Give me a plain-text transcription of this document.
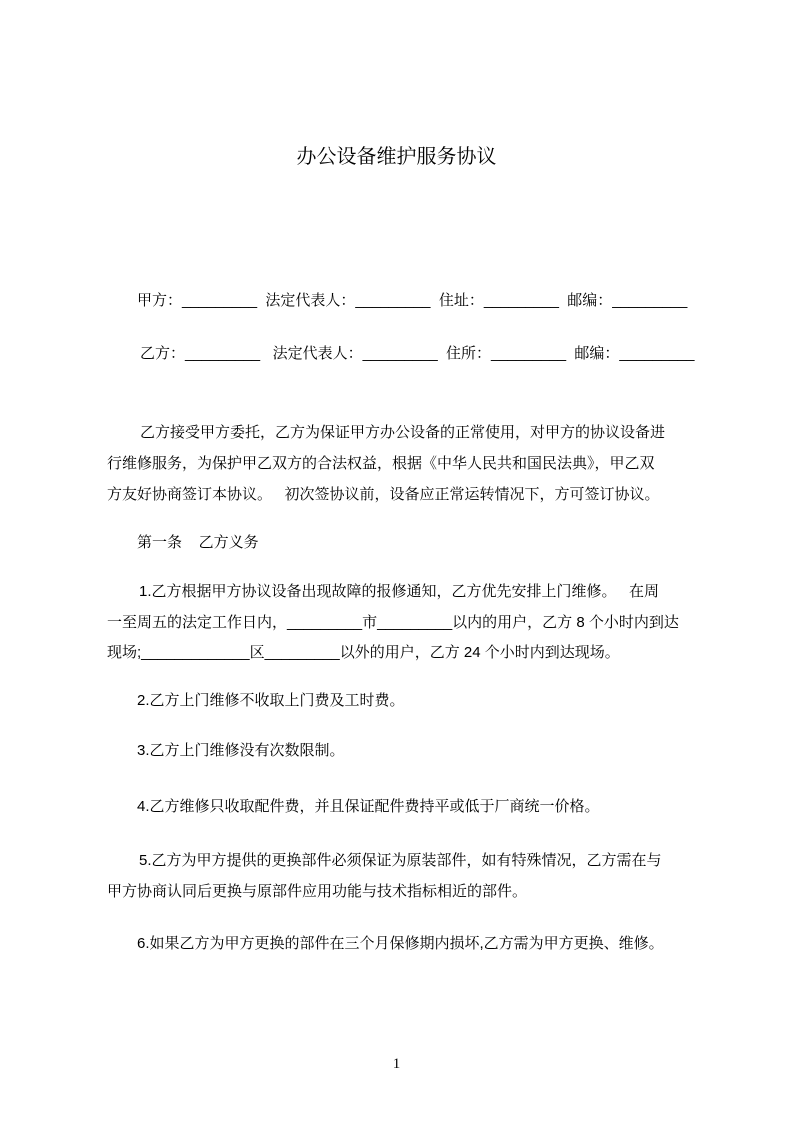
办公设备维护服务协议
甲方：_________  法定代表人：_________  住址：_________  邮编：_________
乙方：_________   法定代表人：_________  住所：_________  邮编：_________
乙方接受甲方委托，乙方为保证甲方办公设备的正常使用，对甲方的协议设备进
行维修服务，为保护甲乙双方的合法权益，根据《中华人民共和国民法典》，甲乙双
方友好协商签订本协议。   初次签协议前，设备应正常运转情况下，方可签订协议。
第一条    乙方义务
1.乙方根据甲方协议设备出现故障的报修通知，乙方优先安排上门维修。   在周
一至周五的法定工作日内，_________市_________以内的用户，乙方 8 个小时内到达
现场;_____________区_________以外的用户，乙方 24 个小时内到达现场。
2.乙方上门维修不收取上门费及工时费。
3.乙方上门维修没有次数限制。
4.乙方维修只收取配件费，并且保证配件费持平或低于厂商统一价格。
5.乙方为甲方提供的更换部件必须保证为原装部件，如有特殊情况，乙方需在与
甲方协商认同后更换与原部件应用功能与技术指标相近的部件。
6.如果乙方为甲方更换的部件在三个月保修期内损坏,乙方需为甲方更换、维修。
1
